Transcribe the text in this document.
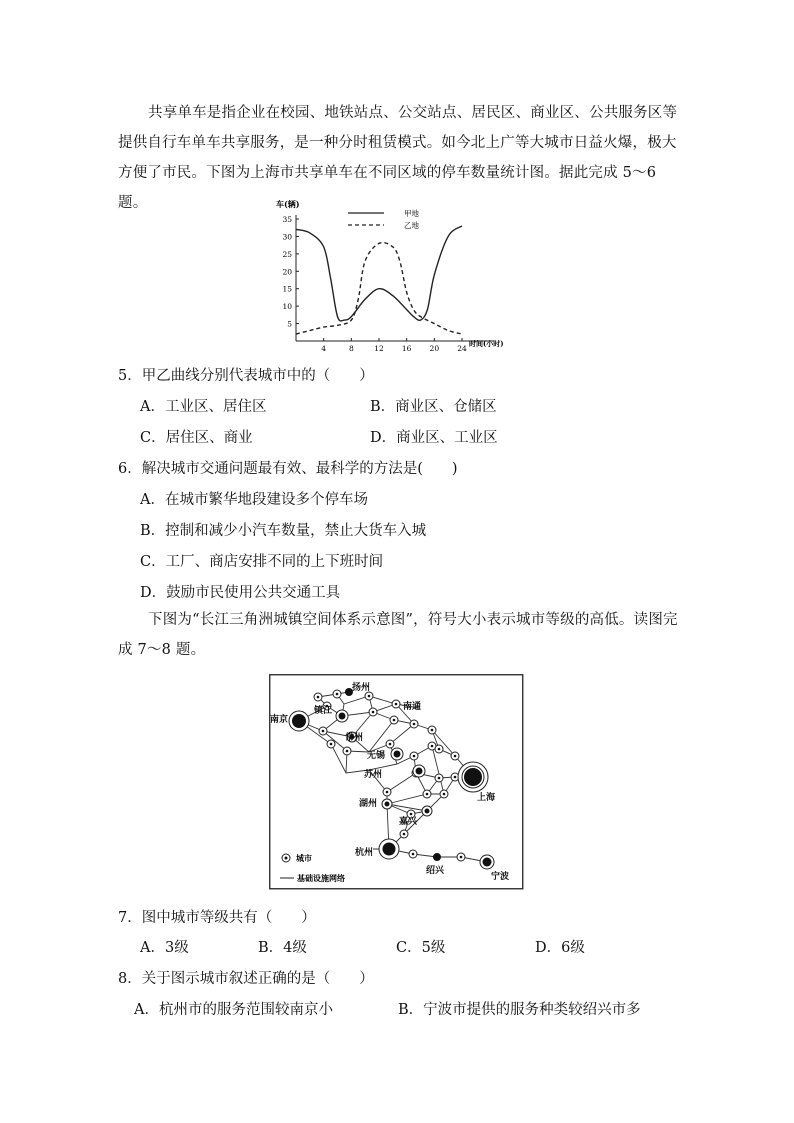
共享单车是指企业在校园、地铁站点、公交站点、居民区、商业区、公共服务区等提供自行车单车共享服务，是一种分时租赁模式。如今北上广等大城市日益火爆，极大方便了市民。下图为上海市共享单车在不同区域的停车数量统计图。据此完成 5～6 题。	车(辆)
时间(小时)
5
10
15
20
25
30
35
4	8	12 16 20 24
甲地
乙地
5．甲乙曲线分别代表城市中的（　　）
A．工业区、居住区	B．商业区、仓储区
C．居住区、商业	D．商业区、工业区
6．解决城市交通问题最有效、最科学的方法是(　　)
A．在城市繁华地段建设多个停车场
B．控制和减少小汽车数量，禁止大货车入城
C．工厂、商店安排不同的上下班时间
D．鼓励市民使用公共交通工具
下图为“长江三角洲城镇空间体系示意图”，符号大小表示城市等级的高低。读图完成 7～8 题。
扬州
南通
南京
镇江
常州
无锡
苏州
上海
湖州
嘉兴
杭州
绍兴
宁波
城市
基础设施网络
7．图中城市等级共有（　　）
A．3级	B．4级	C．5级	D．6级
8．关于图示城市叙述正确的是（　　）
A．杭州市的服务范围较南京小	B．宁波市提供的服务种类较绍兴市多
